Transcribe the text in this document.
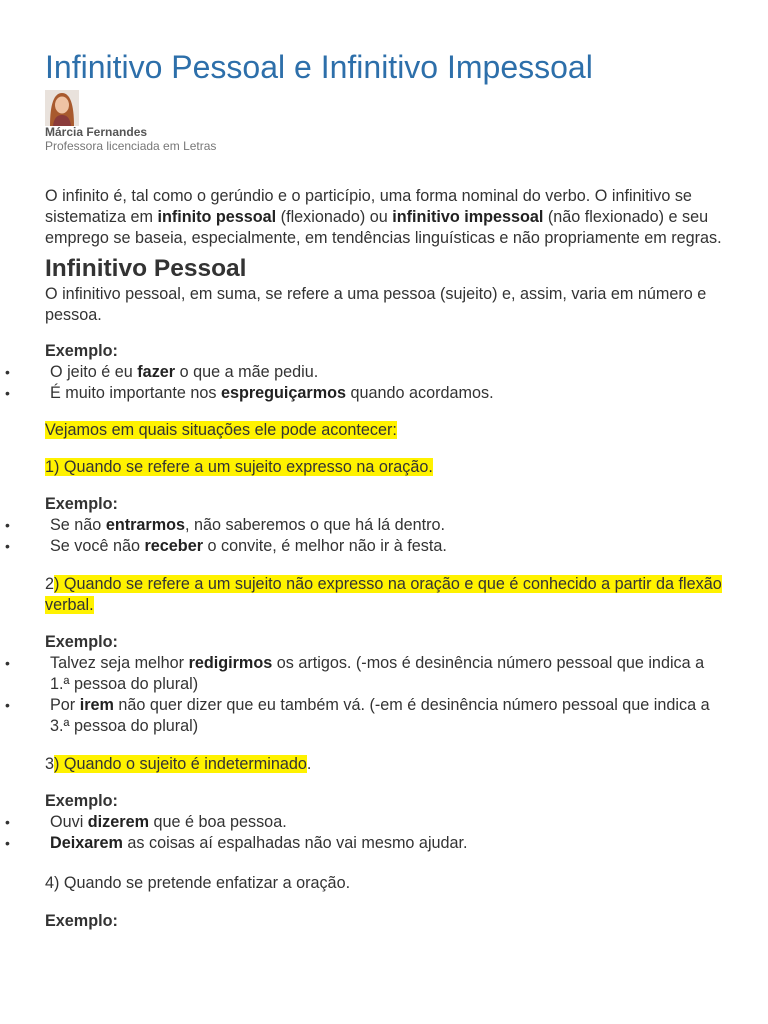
Infinitivo Pessoal e Infinitivo Impessoal
Márcia Fernandes
Professora licenciada em Letras

O infinito é, tal como o gerúndio e o particípio, uma forma nominal do verbo. O infinitivo se sistematiza em infinito pessoal (flexionado) ou infinitivo impessoal (não flexionado) e seu emprego se baseia, especialmente, em tendências linguísticas e não propriamente em regras.

Infinitivo Pessoal

O infinitivo pessoal, em suma, se refere a uma pessoa (sujeito) e, assim, varia em número e pessoa.

Exemplo:

• O jeito é eu fazer o que a mãe pediu.
• É muito importante nos espreguiçarmos quando acordamos.

Vejamos em quais situações ele pode acontecer:

1) Quando se refere a um sujeito expresso na oração.

Exemplo:

• Se não entrarmos, não saberemos o que há lá dentro.
• Se você não receber o convite, é melhor não ir à festa.

2) Quando se refere a um sujeito não expresso na oração e que é conhecido a partir da flexão verbal.

Exemplo:

• Talvez seja melhor redigirmos os artigos. (-mos é desinência número pessoal que indica a 1.ª pessoa do plural)
• Por irem não quer dizer que eu também vá. (-em é desinência número pessoal que indica a 3.ª pessoa do plural)

3) Quando o sujeito é indeterminado.

Exemplo:

• Ouvi dizerem que é boa pessoa.
• Deixarem as coisas aí espalhadas não vai mesmo ajudar.

4) Quando se pretende enfatizar a oração.

Exemplo:
